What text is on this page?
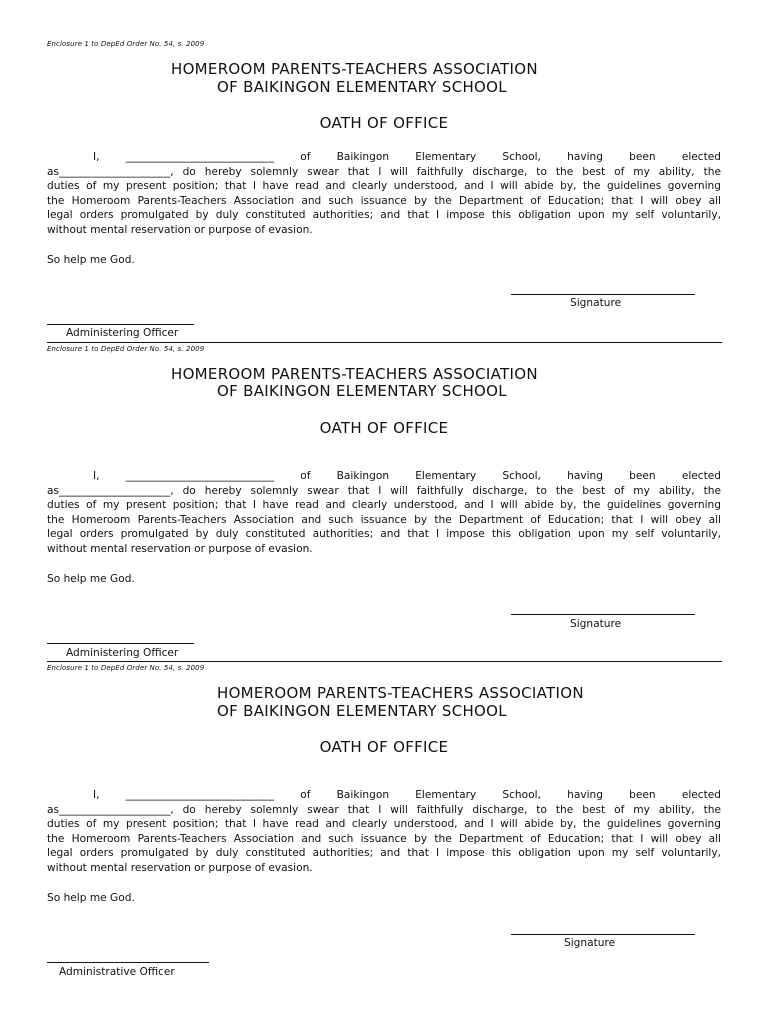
Enclosure 1 to DepEd Order No. 54, s. 2009
HOMEROOM PARENTS-TEACHERS ASSOCIATION
OF BAIKINGON ELEMENTARY SCHOOL
OATH OF OFFICE
I, ____________________________ of Baikingon Elementary School, having been elected
as_____________________, do hereby solemnly swear that I will faithfully discharge, to the best of my ability, the
duties of my present position; that I have read and clearly understood, and I will abide by, the guidelines governing
the Homeroom Parents-Teachers Association and such issuance by the Department of Education; that I will obey all
legal orders promulgated by duly constituted authorities; and that I impose this obligation upon my self voluntarily,
without mental reservation or purpose of evasion.
So help me God.
Signature
Administering Officer
Enclosure 1 to DepEd Order No. 54, s. 2009
HOMEROOM PARENTS-TEACHERS ASSOCIATION
OF BAIKINGON ELEMENTARY SCHOOL
OATH OF OFFICE
I, ____________________________ of Baikingon Elementary School, having been elected
as_____________________, do hereby solemnly swear that I will faithfully discharge, to the best of my ability, the
duties of my present position; that I have read and clearly understood, and I will abide by, the guidelines governing
the Homeroom Parents-Teachers Association and such issuance by the Department of Education; that I will obey all
legal orders promulgated by duly constituted authorities; and that I impose this obligation upon my self voluntarily,
without mental reservation or purpose of evasion.
So help me God.
Signature
Administering Officer
Enclosure 1 to DepEd Order No. 54, s. 2009
HOMEROOM PARENTS-TEACHERS ASSOCIATION
OF BAIKINGON ELEMENTARY SCHOOL
OATH OF OFFICE
I, ____________________________ of Baikingon Elementary School, having been elected
as_____________________, do hereby solemnly swear that I will faithfully discharge, to the best of my ability, the
duties of my present position; that I have read and clearly understood, and I will abide by, the guidelines governing
the Homeroom Parents-Teachers Association and such issuance by the Department of Education; that I will obey all
legal orders promulgated by duly constituted authorities; and that I impose this obligation upon my self voluntarily,
without mental reservation or purpose of evasion.
So help me God.
Signature
Administrative Officer
